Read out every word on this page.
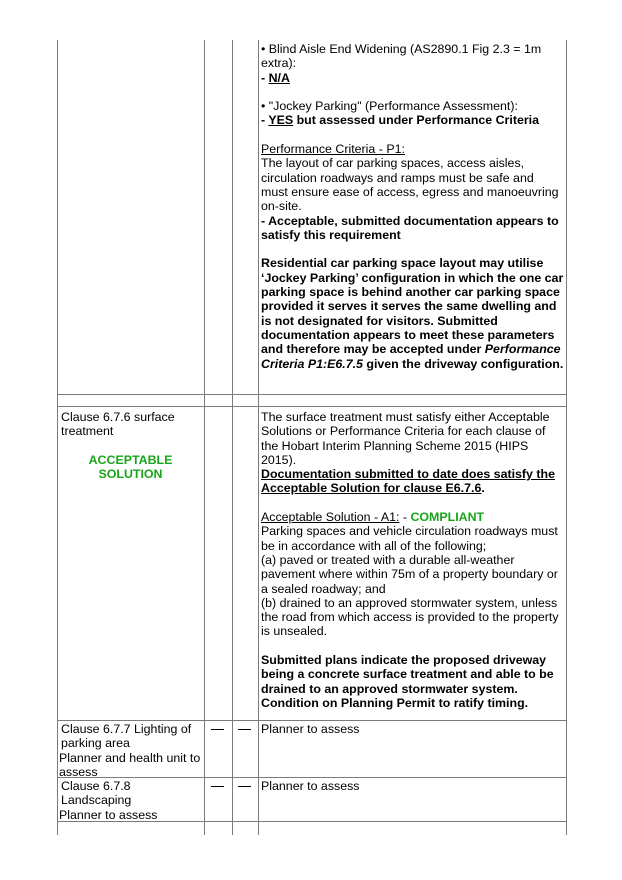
• Blind Aisle End Widening (AS2890.1 Fig 2.3 = 1m extra):

- N/A

• "Jockey Parking" (Performance Assessment):

- YES but assessed under Performance Criteria

Performance Criteria - P1:

The layout of car parking spaces, access aisles, circulation roadways and ramps must be safe and must ensure ease of access, egress and manoeuvring on-site.

- Acceptable, submitted documentation appears to satisfy this requirement

Residential car parking space layout may utilise ‘Jockey Parking’ configuration in which the one car parking space is behind another car parking space provided it serves it serves the same dwelling and is not designated for visitors. Submitted documentation appears to meet these parameters and therefore may be accepted under Performance Criteria P1:E6.7.5 given the driveway configuration.

Clause 6.7.6 surface treatment

ACCEPTABLE SOLUTION

The surface treatment must satisfy either Acceptable Solutions or Performance Criteria for each clause of the Hobart Interim Planning Scheme 2015 (HIPS 2015).

Documentation submitted to date does satisfy the Acceptable Solution for clause E6.7.6.

Acceptable Solution - A1: - COMPLIANT

Parking spaces and vehicle circulation roadways must be in accordance with all of the following;

(a) paved or treated with a durable all-weather pavement where within 75m of a property boundary or a sealed roadway; and

(b) drained to an approved stormwater system, unless the road from which access is provided to the property is unsealed.

Submitted plans indicate the proposed driveway being a concrete surface treatment and able to be drained to an approved stormwater system. Condition on Planning Permit to ratify timing.

Clause 6.7.7 Lighting of parking area

Planner and health unit to assess

Planner to assess

Clause 6.7.8 Landscaping

Planner to assess

Planner to assess
